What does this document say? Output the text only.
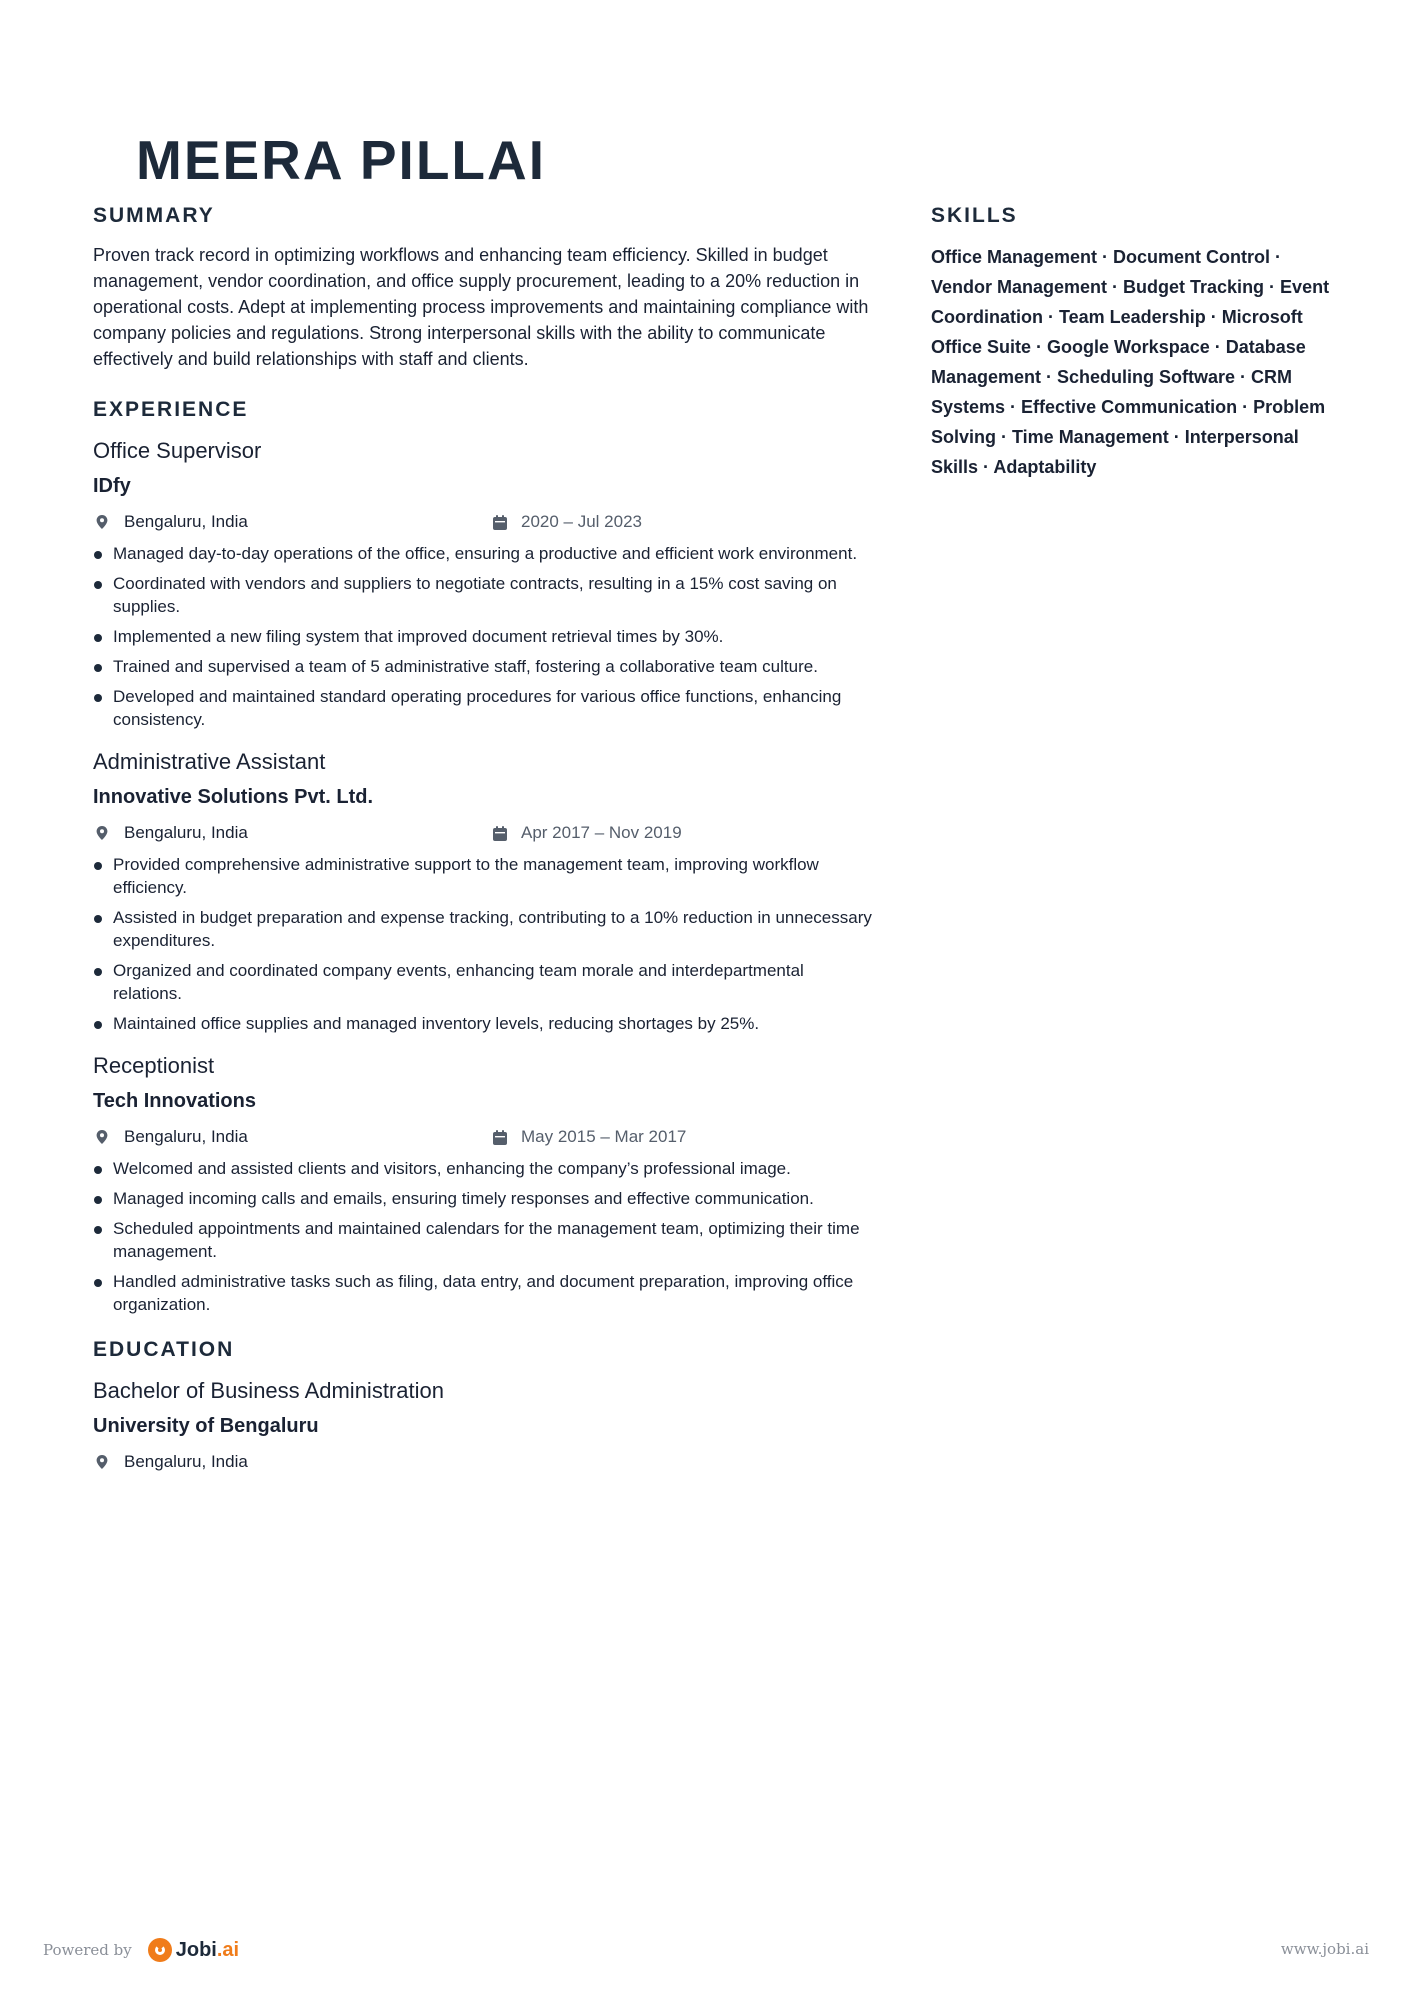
MEERA PILLAI
SUMMARY

Proven track record in optimizing workflows and enhancing team efficiency. Skilled in budget management, vendor coordination, and office supply procurement, leading to a 20% reduction in operational costs. Adept at implementing process improvements and maintaining compliance with company policies and regulations. Strong interpersonal skills with the ability to communicate effectively and build relationships with staff and clients.

EXPERIENCE
Office Supervisor
IDfy
Bengaluru, India	2020 – Jul 2023
Managed day-to-day operations of the office, ensuring a productive and efficient work environment.
Coordinated with vendors and suppliers to negotiate contracts, resulting in a 15% cost saving on supplies.
Implemented a new filing system that improved document retrieval times by 30%.
Trained and supervised a team of 5 administrative staff, fostering a collaborative team culture.
Developed and maintained standard operating procedures for various office functions, enhancing consistency.
Administrative Assistant
Innovative Solutions Pvt. Ltd.
Bengaluru, India	Apr 2017 – Nov 2019
Provided comprehensive administrative support to the management team, improving workflow efficiency.
Assisted in budget preparation and expense tracking, contributing to a 10% reduction in unnecessary expenditures.
Organized and coordinated company events, enhancing team morale and interdepartmental relations.
Maintained office supplies and managed inventory levels, reducing shortages by 25%.
Receptionist
Tech Innovations
Bengaluru, India	May 2015 – Mar 2017
Welcomed and assisted clients and visitors, enhancing the company’s professional image.
Managed incoming calls and emails, ensuring timely responses and effective communication.
Scheduled appointments and maintained calendars for the management team, optimizing their time management.
Handled administrative tasks such as filing, data entry, and document preparation, improving office organization.
EDUCATION
Bachelor of Business Administration
University of Bengaluru
Bengaluru, India
SKILLS

Office Management · Document Control · Vendor Management · Budget Tracking · Event Coordination · Team Leadership · Microsoft Office Suite · Google Workspace · Database Management · Scheduling Software · CRM Systems · Effective Communication · Problem Solving · Time Management · Interpersonal Skills · Adaptability

Powered by Jobi.ai	www.jobi.ai
